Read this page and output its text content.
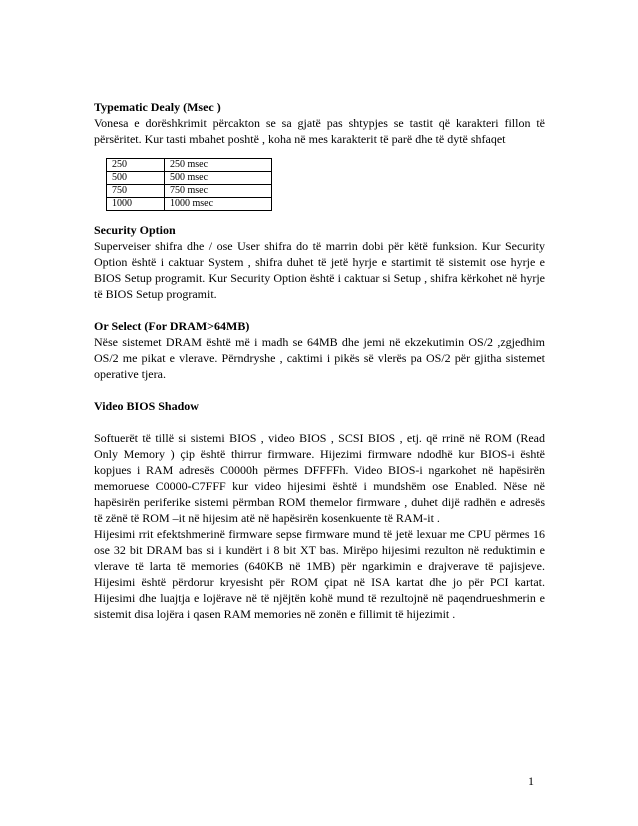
Typematic Dealy (Msec )

Vonesa e dorëshkrimit përcakton se sa gjatë pas shtypjes se tastit që karakteri fillon të përsëritet. Kur tasti mbahet poshtë , koha në mes karakterit të parë dhe të dytë shfaqet

250	250 msec
500	500 msec
750	750 msec
1000	1000 msec

Security Option

Superveiser shifra dhe / ose User shifra do të marrin dobi për këtë funksion. Kur Security Option është i caktuar System , shifra duhet të jetë hyrje e startimit të sistemit ose hyrje e BIOS Setup programit. Kur Security Option është i caktuar si Setup , shifra kërkohet në hyrje të BIOS Setup programit.

Or Select (For DRAM>64MB)

Nëse sistemet DRAM është më i madh se 64MB dhe jemi në ekzekutimin OS/2 ,zgjedhim OS/2 me pikat e vlerave. Përndryshe , caktimi i pikës së vlerës pa OS/2 për gjitha sistemet operative tjera.

Video BIOS Shadow

Softuerët të tillë si sistemi BIOS , video BIOS , SCSI BIOS , etj. që rrinë në ROM (Read Only Memory ) çip është thirrur firmware. Hijezimi firmware ndodhë kur BIOS-i është kopjues i RAM adresës C0000h përmes DFFFFh. Video BIOS-i ngarkohet në hapësirën memoruese C0000-C7FFF kur video hijesimi është i mundshëm ose Enabled. Nëse në hapësirën periferike sistemi përmban ROM themelor firmware , duhet dijë radhën e adresës të zënë të ROM –it në hijesim atë në hapësirën kosenkuente të RAM-it .

Hijesimi rrit efektshmerinë firmware sepse firmware mund të jetë lexuar me CPU përmes 16 ose 32 bit DRAM bas si i kundërt i 8 bit XT bas. Mirëpo hijesimi rezulton në reduktimin e vlerave të larta të memories (640KB në 1MB) për ngarkimin e drajverave të pajisjeve. Hijesimi është përdorur kryesisht për ROM çipat në ISA kartat dhe jo për PCI kartat. Hijesimi dhe luajtja e lojërave në të njëjtën kohë mund të rezultojnë në paqendrueshmerin e sistemit disa lojëra i qasen RAM memories në zonën e fillimit të hijezimit .

1
